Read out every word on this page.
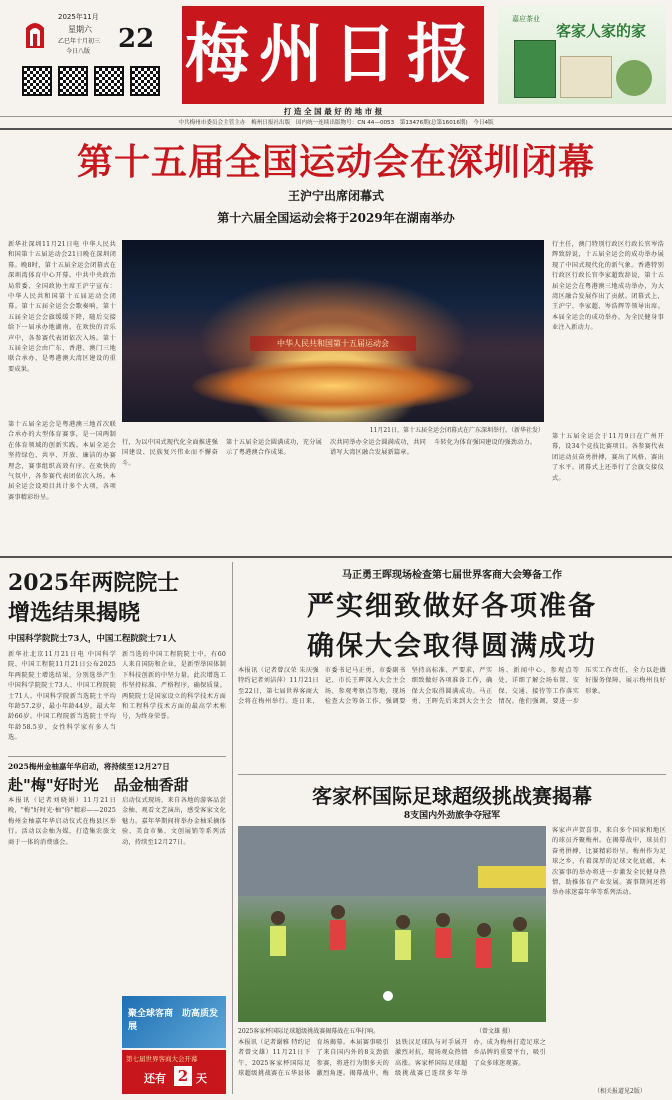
2025年11月
星期六
乙巳年十月初三
今日八版 22 梅州日报
打 造 全 国 最 好 的 地 市 报
嘉应茶业
客家人家的家
中共梅州市委员会主管主办　梅州日报社出版　国内统一连续出版物号：CN 44—0053　第13476期(总第16016期)　今日4版
第十五届全国运动会在深圳闭幕
王沪宁出席闭幕式
第十六届全国运动会将于2029年在湖南举办
新华社深圳11月21日电 中华人民共和国第十五届运动会21日晚在深圳闭幕。晚8时，第十五届全运会闭幕式在深圳湾体育中心开幕。中共中央政治局常委、全国政协主席王沪宁宣布：中华人民共和国第十五届运动会闭幕。第十五届全运会会歌奏响，第十五届全运会会旗缓缓下降，随后交接给下一届承办地湖南。在欢快的音乐声中，各参赛代表团依次入场。第十五届全运会由广东、香港、澳门三地联合承办，是粤港澳大湾区建设的重要成果。
第十五届全运会是粤港澳三地首次联合承办的大型体育赛事，是一国两制在体育领域的创新实践。本届全运会坚持绿色、共享、开放、廉洁的办赛理念，赛事组织高效有序。在欢快的气氛中，各参赛代表团依次入场。本届全运会设项目共计多个大项，各项赛事精彩纷呈。
中华人民共和国第十五届运动会
11月21日，第十五届全运会闭幕式在广东深圳举行。（新华社发）
行，为以中国式现代化全面推进强国建设、民族复兴伟业而不懈奋斗。
第十五届全运会圆满成功，充分展示了粤港澳合作成果。
次共同举办全运会圆满成功，共同谱写大湾区融合发展新篇章。
斗转化为体育强国建设的强劲动力。
行主任，澳门特别行政区行政长官岑浩辉致辞说，十五届全运会的成功举办展现了中国式现代化的新气象。香港特别行政区行政长官李家超致辞说，第十五届全运会在粤港澳三地成功举办，为大湾区融合发展作出了贡献。闭幕式上，王沪宁、李家超、岑浩辉等领导出席。本届全运会的成功举办，为全民健身事业注入新动力。
第十五届全运会于11月9日在广州开幕，设34个竞技比赛项目。各参赛代表团运动员奋勇拼搏，赛出了风格、赛出了水平。闭幕式上还举行了会旗交接仪式。
2025年两院院士
增选结果揭晓
中国科学院院士73人，中国工程院院士71人
新华社北京11月21日电 中国科学院、中国工程院11月21日公布2025年两院院士增选结果，分别选举产生中国科学院院士73人、中国工程院院士71人。中国科学院新当选院士平均年龄57.2岁，最小年龄44岁，最大年龄66岁。中国工程院新当选院士平均年龄58.5岁，女性科学家有多人当选。
新当选的中国工程院院士中，有60人来自国防和企业，是新型举国体制下科技创新的中坚力量。此次增选工作坚持标准、严格程序，确保质量。两院院士是国家设立的科学技术方面和工程科学技术方面的最高学术称号，为终身荣誉。
2025梅州金柚嘉年华启动，将持续至12月27日
赴"梅"好时光　品金柚香甜
本报讯（记者刘晓娟）11月21日晚，"梅"好时光·柚"你"精彩——2025梅州金柚嘉年华启动仪式在梅县区举行。活动以金柚为媒，打造集农旅文商于一体的消费盛会。
启动仪式现场，来自各地的游客品尝金柚、观看文艺演出，感受客家文化魅力。嘉年华期间将举办金柚采摘体验、美食市集、文创展销等系列活动，持续至12月27日。
聚全球客商　助高质发展
第七届世界客商大会开幕
还有 2 天
马正勇王晖现场检查第七届世界客商大会筹备工作
严实细致做好各项准备
确保大会取得圆满成功
本报讯（记者曾汉荣 朱庆强 特约记者刘洁萍）11月21日至22日，第七届世界客商大会将在梅州举行。连日来，市委书记马正勇，市委副书记、市长王晖深入大会主会场、参观考察点等地，现场检查大会筹备工作，强调要坚持高标准、严要求，严实细致做好各项准备工作，确保大会取得圆满成功。马正勇、王晖先后来到大会主会场、新闻中心、参观点等处，详细了解会场布置、安保、交通、接待等工作落实情况。他们强调，要进一步压实工作责任，全力以赴做好服务保障，展示梅州良好形象。
客家杯国际足球超级挑战赛揭幕
8支国内外劲旅争夺冠军
2025客家杯国际足球超级挑战赛揭幕战在五华打响。	（曾文雄 摄）
本报讯（记者谢雅 特约记者曾文雄）11月21日下午，2025客家杯国际足球超级挑战赛在五华县体育场揭幕。本届赛事吸引了来自国内外的8支劲旅参赛，将进行为期多天的激烈角逐。揭幕战中，梅县铁汉足球队与对手展开激烈对抗，现场观众热情高涨。客家杯国际足球超级挑战赛已连续多年举办，成为梅州打造足球之乡品牌的重要平台，吸引了众多球迷观赛。
客家声声贺喜事，来自多个国家和地区的球员齐聚梅州。在揭幕战中，球员们奋勇拼搏，比赛精彩纷呈。梅州作为足球之乡，有着深厚的足球文化底蕴，本次赛事的举办将进一步激发全民健身热情，助推体育产业发展。赛事期间还将举办球迷嘉年华等系列活动。
（相关报道见2版）
